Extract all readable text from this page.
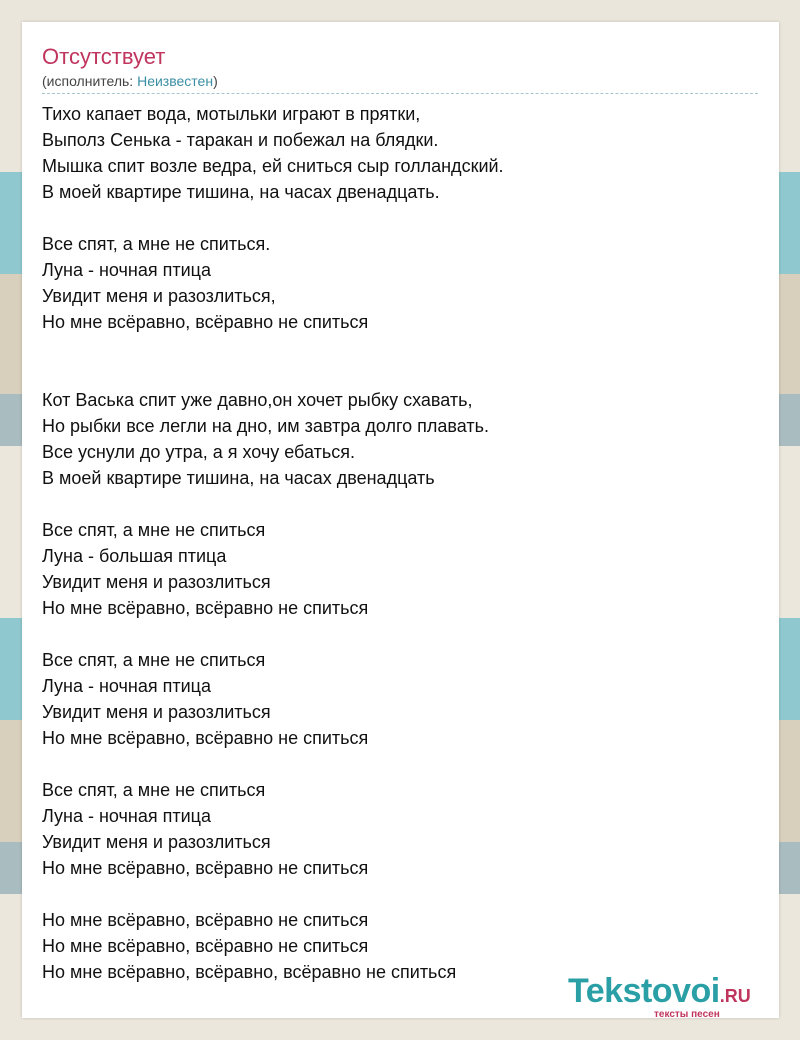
Отсутствует
(исполнитель: Неизвестен)
Тихо капает вода, мотыльки играют в прятки,
Выполз Сенька - таракан и побежал на блядки.
Мышка спит возле ведра, ей сниться сыр голландский.
В моей квартире тишина, на часах двенадцать.
Все спят, а мне не спиться.
Луна - ночная птица
Увидит меня и разозлиться,
Но мне всёравно, всёравно не спиться
Кот Васька спит уже давно,он хочет рыбку схавать,
Но рыбки все легли на дно, им завтра долго плавать.
Все уснули до утра, а я хочу ебаться.
В моей квартире тишина, на часах двенадцать
Все спят, а мне не спиться
Луна - большая птица
Увидит меня и разозлиться
Но мне всёравно, всёравно не спиться
Все спят, а мне не спиться
Луна - ночная птица
Увидит меня и разозлиться
Но мне всёравно, всёравно не спиться
Все спят, а мне не спиться
Луна - ночная птица
Увидит меня и разозлиться
Но мне всёравно, всёравно не спиться
Но мне всёравно, всёравно не спиться
Но мне всёравно, всёравно не спиться
Но мне всёравно, всёравно, всёравно не спиться	Tekstovoi.RU
тексты песен
